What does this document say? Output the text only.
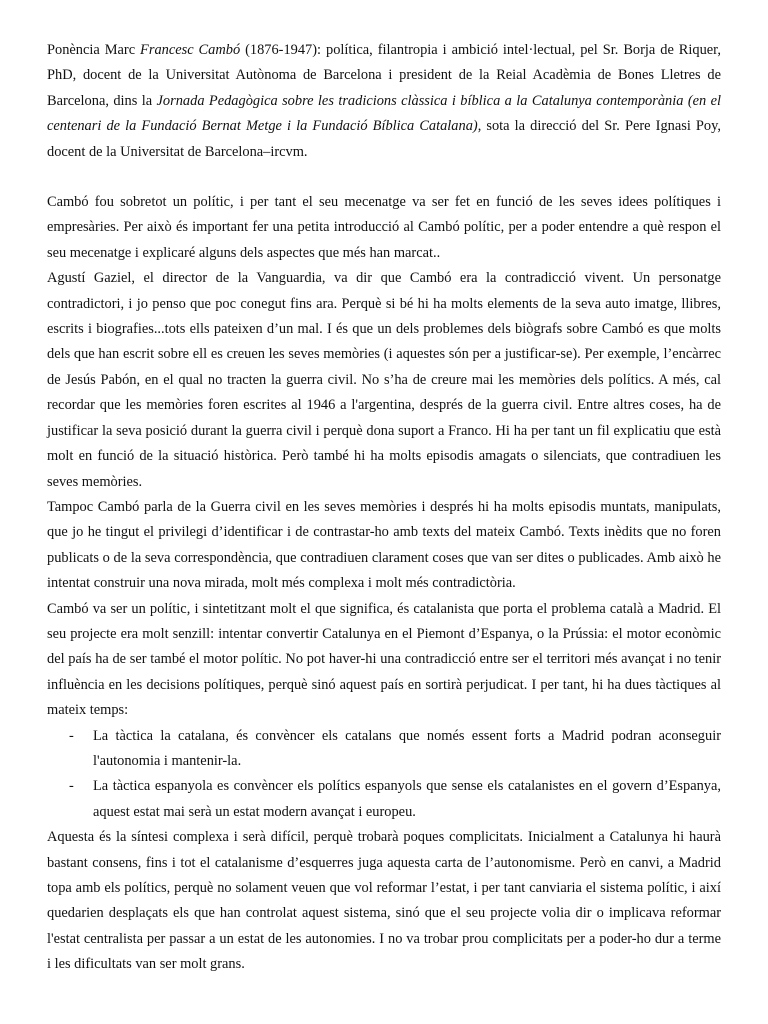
Ponència Marc Francesc Cambó (1876-1947): política, filantropia i ambició intel·lectual, pel Sr. Borja de Riquer, PhD, docent de la Universitat Autònoma de Barcelona i president de la Reial Acadèmia de Bones Lletres de Barcelona, dins la Jornada Pedagògica sobre les tradicions clàssica i bíblica a la Catalunya contemporània (en el centenari de la Fundació Bernat Metge i la Fundació Bíblica Catalana), sota la direcció del Sr. Pere Ignasi Poy, docent de la Universitat de Barcelona–ircvm.

Cambó fou sobretot un polític, i per tant el seu mecenatge va ser fet en funció de les seves idees polítiques i empresàries. Per això és important fer una petita introducció al Cambó polític, per a poder entendre a què respon el seu mecenatge i explicaré alguns dels aspectes que més han marcat..

Agustí Gaziel, el director de la Vanguardia, va dir que Cambó era la contradicció vivent. Un personatge contradictori, i jo penso que poc conegut fins ara. Perquè si bé hi ha molts elements de la seva auto imatge, llibres, escrits i biografies...tots ells pateixen d’un mal. I és que un dels problemes dels biògrafs sobre Cambó es que molts dels que han escrit sobre ell es creuen les seves memòries (i aquestes són per a justificar-se). Per exemple, l’encàrrec de Jesús Pabón, en el qual no tracten la guerra civil. No s’ha de creure mai les memòries dels polítics. A més, cal recordar que les memòries foren escrites al 1946 a l'argentina, després de la guerra civil. Entre altres coses, ha de justificar la seva posició durant la guerra civil i perquè dona suport a Franco. Hi ha per tant un fil explicatiu que està molt en funció de la situació històrica. Però també hi ha molts episodis amagats o silenciats, que contradiuen les seves memòries.

Tampoc Cambó parla de la Guerra civil en les seves memòries i després hi ha molts episodis muntats, manipulats, que jo he tingut el privilegi d’identificar i de contrastar-ho amb texts del mateix Cambó. Texts inèdits que no foren publicats o de la seva correspondència, que contradiuen clarament coses que van ser dites o publicades. Amb això he intentat construir una nova mirada, molt més complexa i molt més contradictòria.

Cambó va ser un polític, i sintetitzant molt el que significa, és catalanista que porta el problema català a Madrid. El seu projecte era molt senzill: intentar convertir Catalunya en el Piemont d’Espanya, o la Prússia: el motor econòmic del país ha de ser també el motor polític. No pot haver-hi una contradicció entre ser el territori més avançat i no tenir influència en les decisions polítiques, perquè sinó aquest país en sortirà perjudicat. I per tant, hi ha dues tàctiques al mateix temps:

- La tàctica la catalana, és convèncer els catalans que només essent forts a Madrid podran aconseguir l'autonomia i mantenir-la.
- La tàctica espanyola es convèncer els polítics espanyols que sense els catalanistes en el govern d’Espanya, aquest estat mai serà un estat modern avançat i europeu.

Aquesta és la síntesi complexa i serà difícil, perquè trobarà poques complicitats. Inicialment a Catalunya hi haurà bastant consens, fins i tot el catalanisme d’esquerres juga aquesta carta de l’autonomisme. Però en canvi, a Madrid topa amb els polítics, perquè no solament veuen que vol reformar l’estat, i per tant canviaria el sistema polític, i així quedarien desplaçats els que han controlat aquest sistema, sinó que el seu projecte volia dir o implicava reformar l'estat centralista per passar a un estat de les autonomies. I no va trobar prou complicitats per a poder-ho dur a terme i les dificultats van ser molt grans.
